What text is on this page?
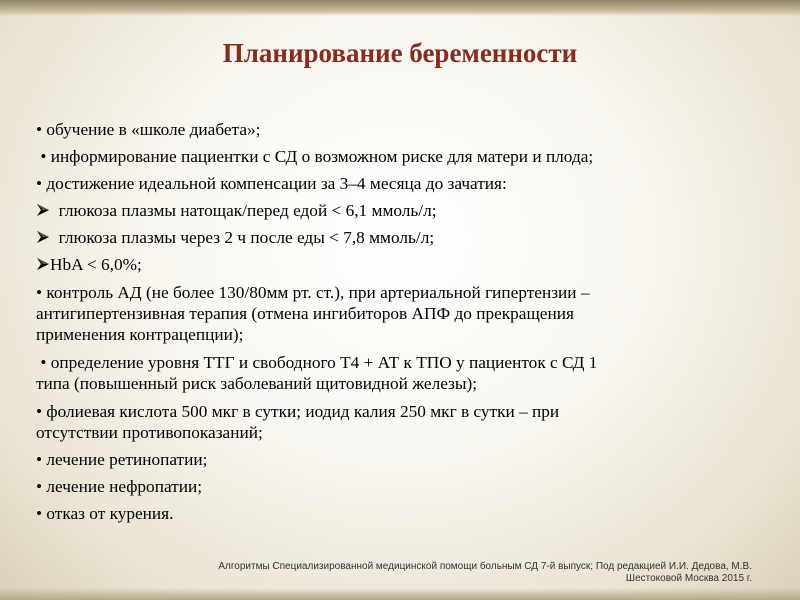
Планирование беременности
• обучение в «школе диабета»;
• информирование пациентки с СД о возможном риске для матери и плода;
• достижение идеальной компенсации за 3–4 месяца до зачатия:
глюкоза плазмы натощак/перед едой < 6,1 ммоль/л;
глюкоза плазмы через 2 ч после еды < 7,8 ммоль/л;
HbA < 6,0%;
• контроль АД (не более 130/80мм рт. ст.), при артериальной гипертензии –
антигипертензивная терапия (отмена ингибиторов АПФ до прекращения
применения контрацепции);
• определение уровня ТТГ и свободного Т4 + АТ к ТПО у пациенток с СД 1
типа (повышенный риск заболеваний щитовидной железы);
• фолиевая кислота 500 мкг в сутки; иодид калия 250 мкг в сутки – при
отсутствии противопоказаний;
• лечение ретинопатии;
• лечение нефропатии;
• отказ от курения.
Алгоритмы Специализированной медицинской помощи больным СД 7-й выпуск; Под редакцией И.И. Дедова, М.В.
Шестоковой Москва 2015 г.
